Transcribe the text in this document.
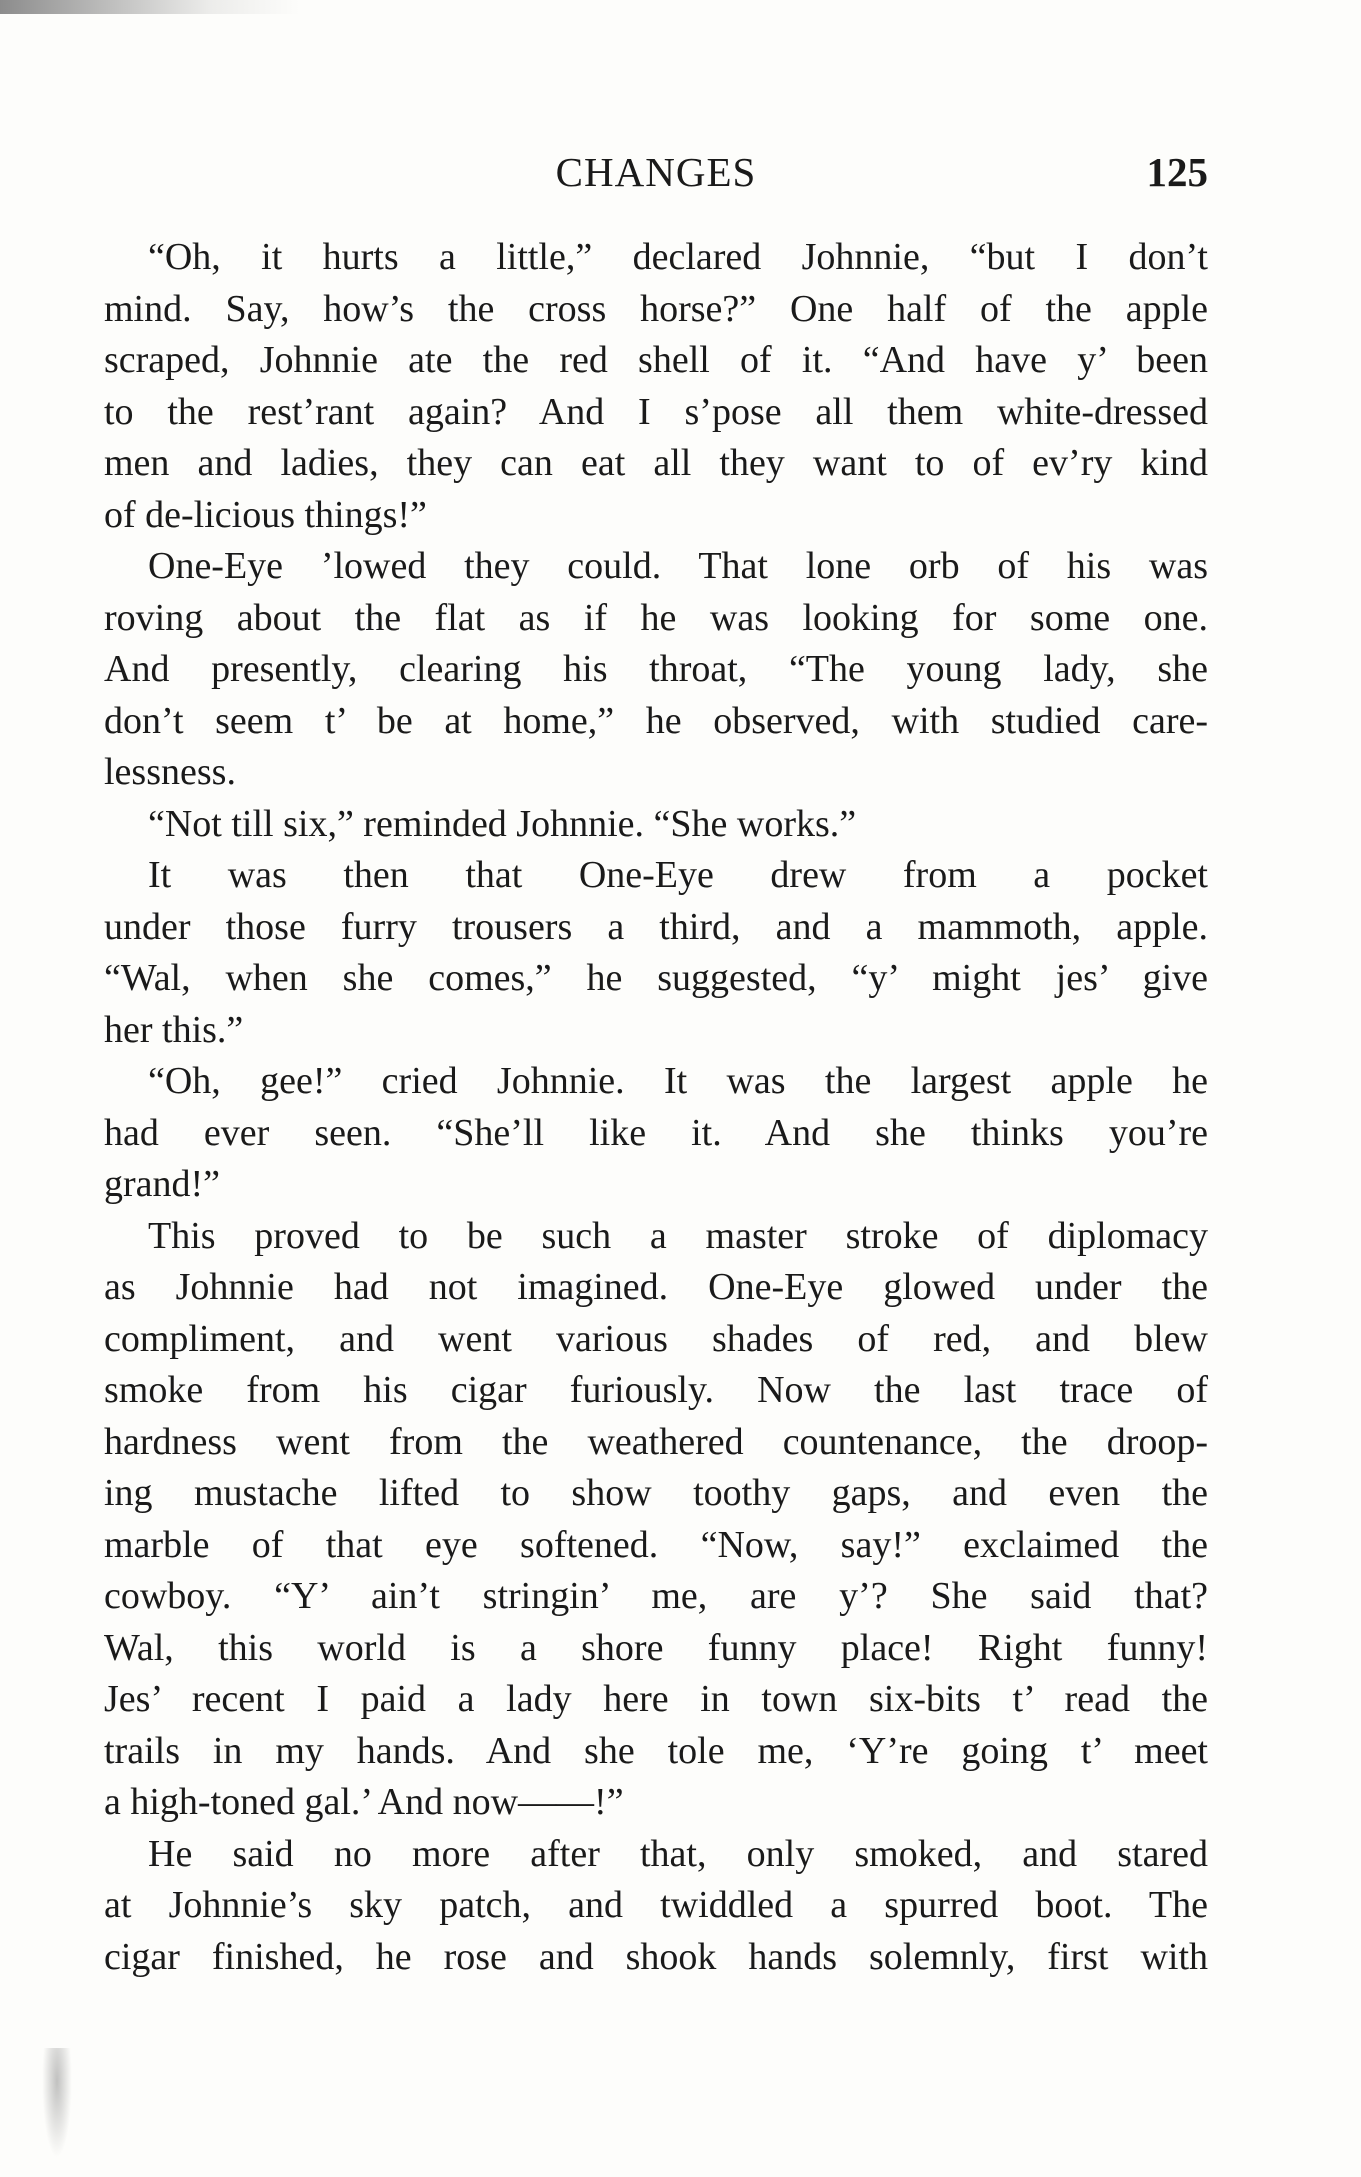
CHANGES	125
“Oh, it hurts a little,” declared Johnnie, “but I don’t
mind. Say, how’s the cross horse?” One half of the apple
scraped, Johnnie ate the red shell of it. “And have y’ been
to the rest’rant again? And I s’pose all them white-dressed
men and ladies, they can eat all they want to of ev’ry kind
of de-licious things!”
One-Eye ’lowed they could. That lone orb of his was
roving about the flat as if he was looking for some one.
And presently, clearing his throat, “The young lady, she
don’t seem t’ be at home,” he observed, with studied care-
lessness.
“Not till six,” reminded Johnnie. “She works.”
It was then that One-Eye drew from a pocket
under those furry trousers a third, and a mammoth, apple.
“Wal, when she comes,” he suggested, “y’ might jes’ give
her this.”
“Oh, gee!” cried Johnnie. It was the largest apple he
had ever seen. “She’ll like it. And she thinks you’re
grand!”
This proved to be such a master stroke of diplomacy
as Johnnie had not imagined. One-Eye glowed under the
compliment, and went various shades of red, and blew
smoke from his cigar furiously. Now the last trace of
hardness went from the weathered countenance, the droop-
ing mustache lifted to show toothy gaps, and even the
marble of that eye softened. “Now, say!” exclaimed the
cowboy. “Y’ ain’t stringin’ me, are y’? She said that?
Wal, this world is a shore funny place! Right funny!
Jes’ recent I paid a lady here in town six-bits t’ read the
trails in my hands. And she tole me, ‘Y’re going t’ meet
a high-toned gal.’ And now——!”
He said no more after that, only smoked, and stared
at Johnnie’s sky patch, and twiddled a spurred boot. The
cigar finished, he rose and shook hands solemnly, first with
